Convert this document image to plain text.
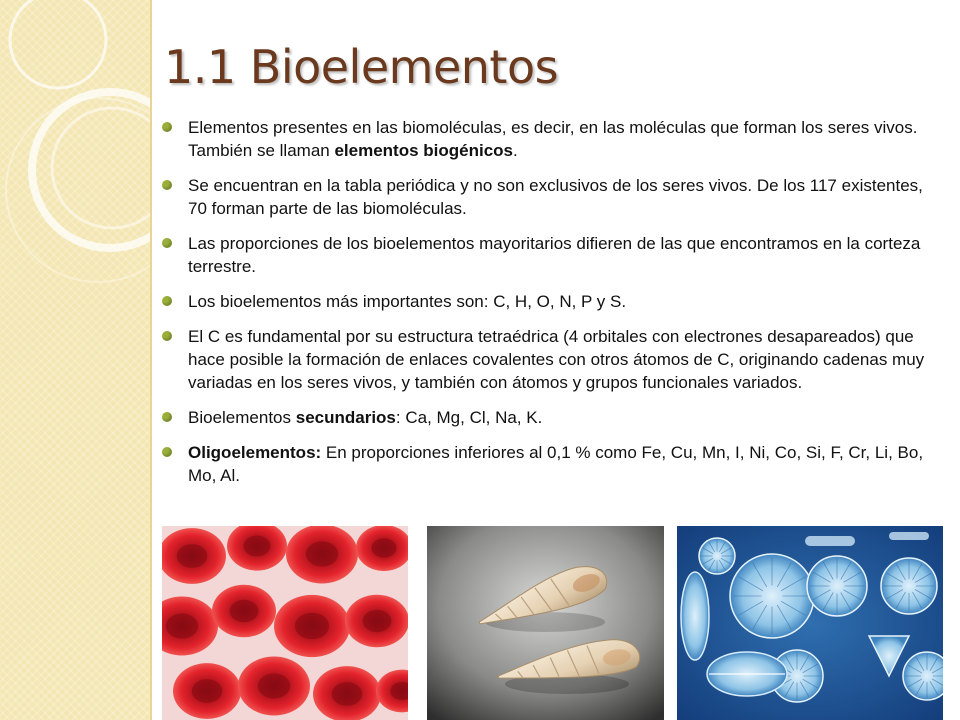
1.1 Bioelementos
Elementos presentes en las biomoléculas, es decir, en las moléculas que forman los seres vivos. También se llaman elementos biogénicos.
Se encuentran en la tabla periódica y no son exclusivos de los seres vivos. De los 117 existentes, 70 forman parte de las biomoléculas.
Las proporciones de los bioelementos mayoritarios difieren de las que encontramos en la corteza terrestre.
Los bioelementos más importantes son: C, H, O, N, P y S.
El C es fundamental por su estructura tetraédrica (4 orbitales con electrones desapareados) que hace posible la formación de enlaces covalentes con otros átomos de C, originando cadenas muy variadas en los seres vivos, y también con átomos y grupos funcionales variados.
Bioelementos secundarios: Ca, Mg, Cl, Na, K.
Oligoelementos: En proporciones inferiores al 0,1 % como Fe, Cu, Mn, I, Ni, Co, Si, F, Cr, Li, Bo, Mo, Al.
